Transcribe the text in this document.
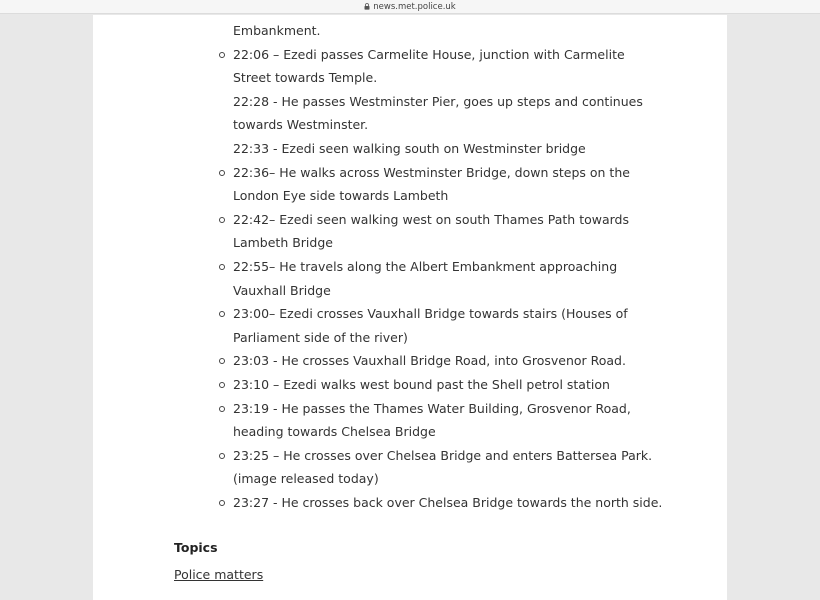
news.met.police.uk
Embankment.
22:06 – Ezedi passes Carmelite House, junction with Carmelite Street towards Temple.
22:28 - He passes Westminster Pier, goes up steps and continues towards Westminster.
22:33 - Ezedi seen walking south on Westminster bridge
22:36– He walks across Westminster Bridge, down steps on the London Eye side towards Lambeth
22:42– Ezedi seen walking west on south Thames Path towards Lambeth Bridge
22:55– He travels along the Albert Embankment approaching Vauxhall Bridge
23:00– Ezedi crosses Vauxhall Bridge towards stairs (Houses of Parliament side of the river)
23:03 - He crosses Vauxhall Bridge Road, into Grosvenor Road.
23:10 – Ezedi walks west bound past the Shell petrol station
23:19 - He passes the Thames Water Building, Grosvenor Road, heading towards Chelsea Bridge
23:25 – He crosses over Chelsea Bridge and enters Battersea Park. (image released today)
23:27 - He crosses back over Chelsea Bridge towards the north side.
Topics
Police matters
